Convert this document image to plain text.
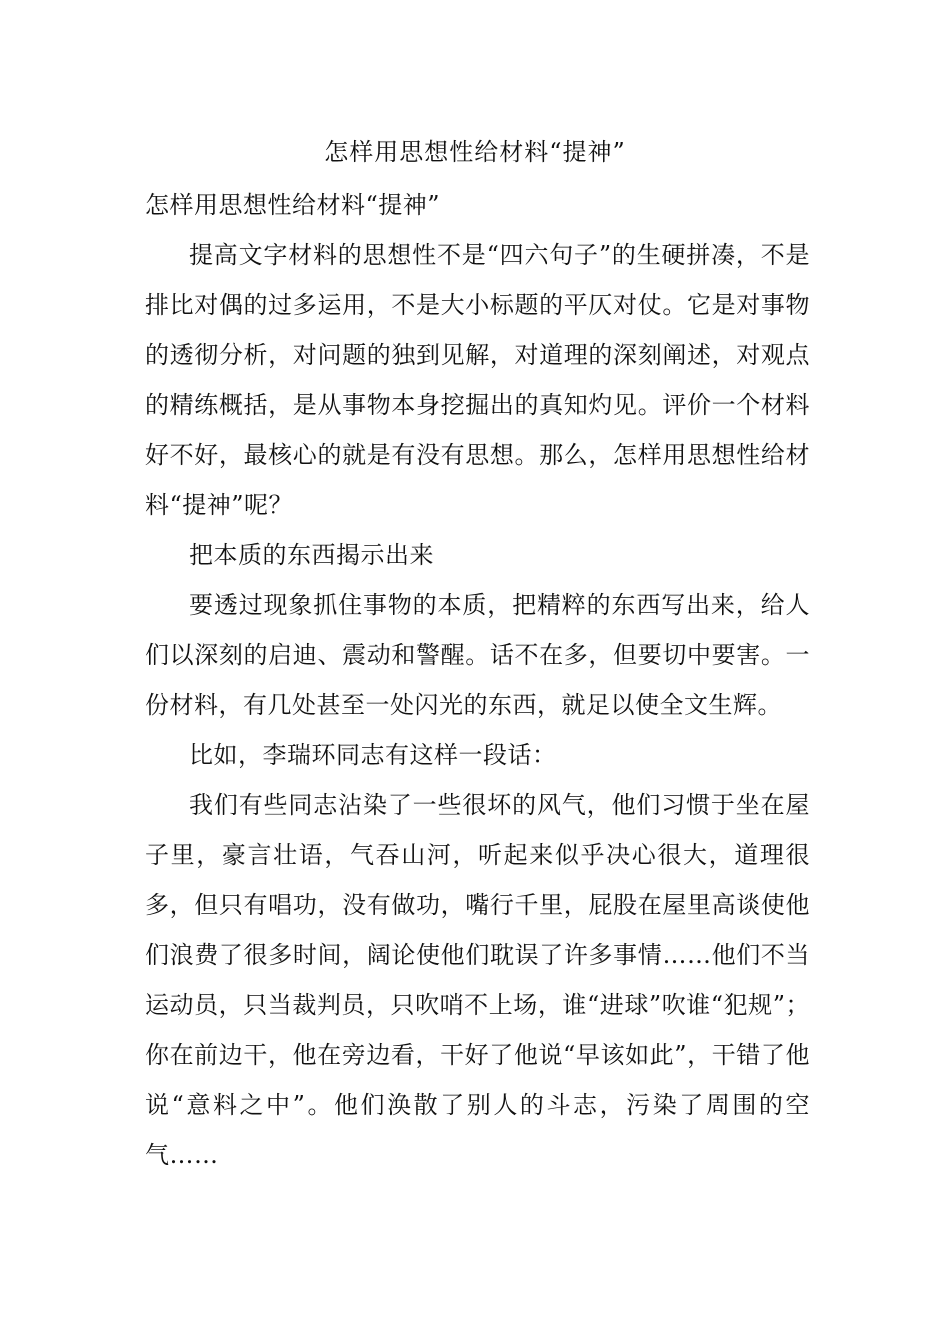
怎样用思想性给材料“提神”

怎样用思想性给材料“提神”

提高文字材料的思想性不是“四六句子”的生硬拼凑，不是排比对偶的过多运用，不是大小标题的平仄对仗。它是对事物的透彻分析，对问题的独到见解，对道理的深刻阐述，对观点的精练概括，是从事物本身挖掘出的真知灼见。评价一个材料好不好，最核心的就是有没有思想。那么，怎样用思想性给材料“提神”呢？

把本质的东西揭示出来

要透过现象抓住事物的本质，把精粹的东西写出来，给人们以深刻的启迪、震动和警醒。话不在多，但要切中要害。一份材料，有几处甚至一处闪光的东西，就足以使全文生辉。

比如，李瑞环同志有这样一段话：

我们有些同志沾染了一些很坏的风气，他们习惯于坐在屋子里，豪言壮语，气吞山河，听起来似乎决心很大，道理很多，但只有唱功，没有做功，嘴行千里，屁股在屋里高谈使他们浪费了很多时间，阔论使他们耽误了许多事情……他们不当运动员，只当裁判员，只吹哨不上场，谁“进球”吹谁“犯规”；你在前边干，他在旁边看，干好了他说“早该如此”，干错了他说“意料之中”。他们涣散了别人的斗志，污染了周围的空气……
